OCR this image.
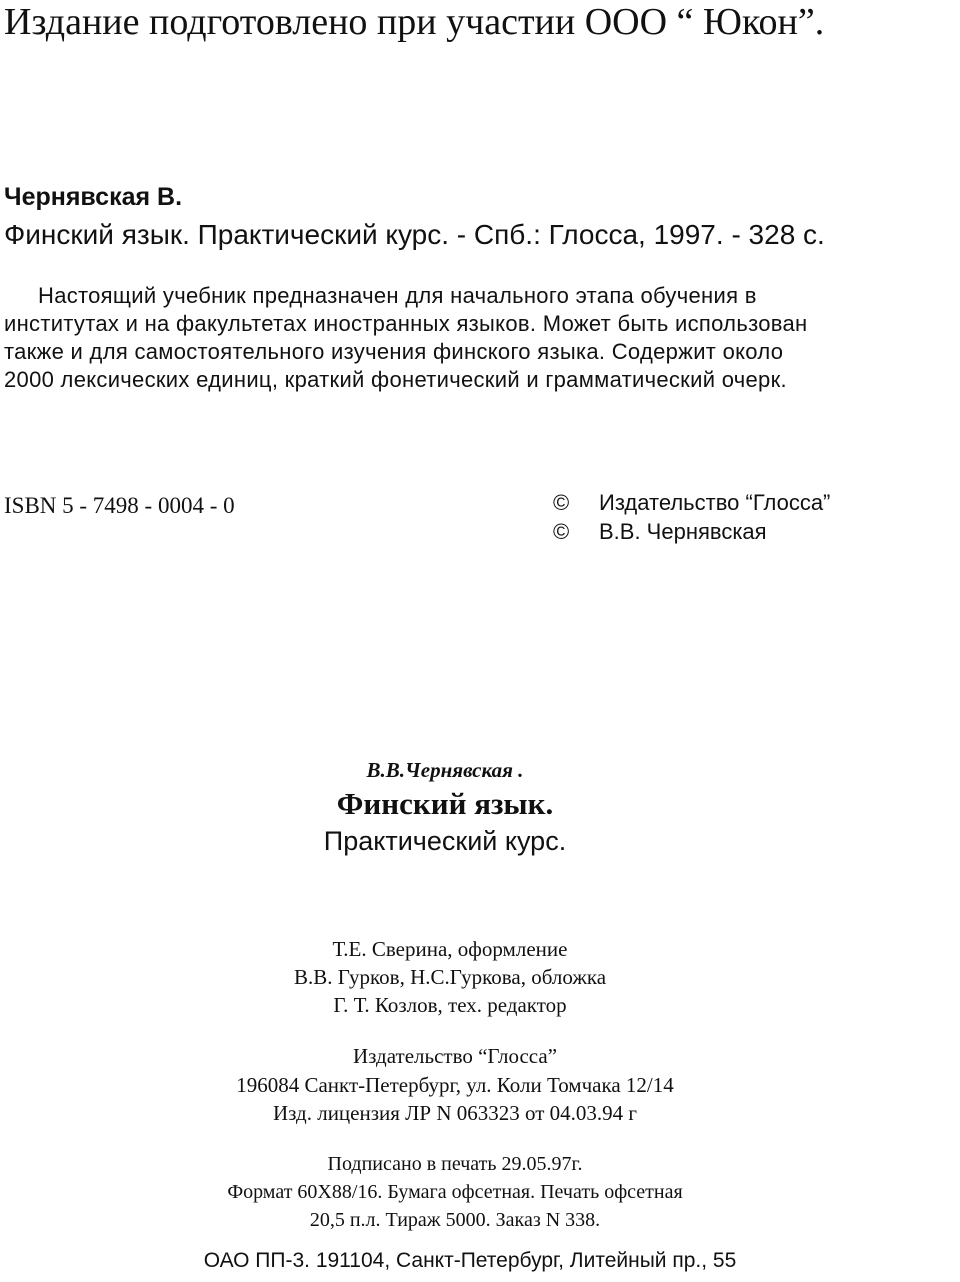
Издание подготовлено при участии ООО “ Юкон”.
Чернявская В.
Финский язык. Практический курс. - Спб.: Глосса, 1997. - 328 с.
Настоящий учебник предназначен для начального этапа обучения в
институтах и на факультетах иностранных языков. Может быть использован
также и для самостоятельного изучения финского языка. Содержит около
2000 лексических единиц, краткий фонетический и грамматический очерк.
ISBN 5 - 7498 - 0004 - 0	© Издательство “Глосса”
© В.В. Чернявская
В.В.Чернявская .
Финский язык.
Практический курс.
Т.Е. Сверина, оформление
В.В. Гурков, Н.С.Гуркова, обложка
Г. Т. Козлов, тех. редактор
Издательство “Глосса”
196084 Санкт-Петербург, ул. Коли Томчака 12/14
Изд. лицензия ЛР N 063323 от 04.03.94 г
Подписано в печать 29.05.97г.
Формат 60X88/16. Бумага офсетная. Печать офсетная
20,5 п.л. Тираж 5000. Заказ N 338.
ОАО ПП-3. 191104, Санкт-Петербург, Литейный пр., 55
